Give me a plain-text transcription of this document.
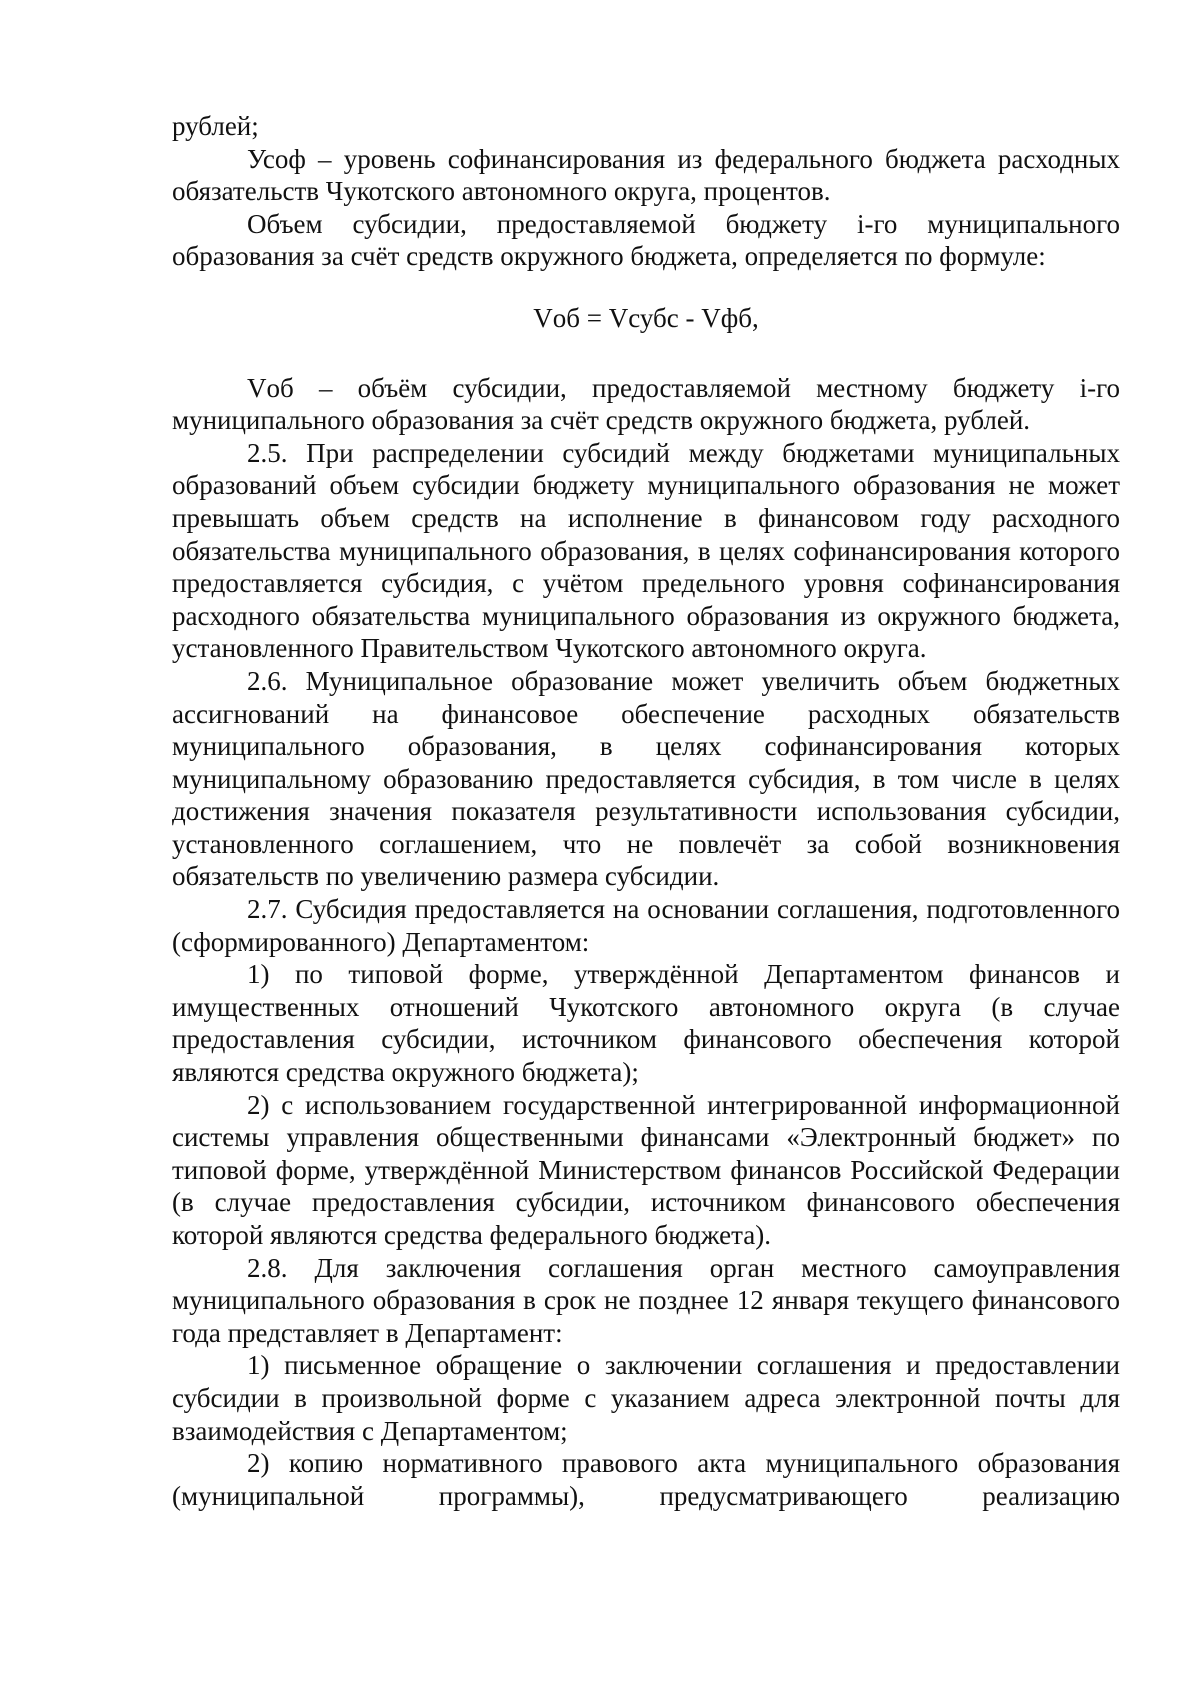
рублей;

Усоф – уровень софинансирования из федерального бюджета расходных обязательств Чукотского автономного округа, процентов.

Объем субсидии, предоставляемой бюджету i-го муниципального образования за счёт средств окружного бюджета, определяется по формуле:

Vоб = Vсубс - Vфб,

Vоб – объём субсидии, предоставляемой местному бюджету i-го муниципального образования за счёт средств окружного бюджета, рублей.

2.5. При распределении субсидий между бюджетами муниципальных образований объем субсидии бюджету муниципального образования не может превышать объем средств на исполнение в финансовом году расходного обязательства муниципального образования, в целях софинансирования которого предоставляется субсидия, с учётом предельного уровня софинансирования расходного обязательства муниципального образования из окружного бюджета, установленного Правительством Чукотского автономного округа.

2.6. Муниципальное образование может увеличить объем бюджетных ассигнований на финансовое обеспечение расходных обязательств муниципального образования, в целях софинансирования которых муниципальному образованию предоставляется субсидия, в том числе в целях достижения значения показателя результативности использования субсидии, установленного соглашением, что не повлечёт за собой возникновения обязательств по увеличению размера субсидии.

2.7. Субсидия предоставляется на основании соглашения, подготовленного (сформированного) Департаментом:

1) по типовой форме, утверждённой Департаментом финансов и имущественных отношений Чукотского автономного округа (в случае предоставления субсидии, источником финансового обеспечения которой являются средства окружного бюджета);

2) с использованием государственной интегрированной информационной системы управления общественными финансами «Электронный бюджет» по типовой форме, утверждённой Министерством финансов Российской Федерации (в случае предоставления субсидии, источником финансового обеспечения которой являются средства федерального бюджета).

2.8. Для заключения соглашения орган местного самоуправления муниципального образования в срок не позднее 12 января текущего финансового года представляет в Департамент:

1) письменное обращение о заключении соглашения и предоставлении субсидии в произвольной форме с указанием адреса электронной почты для взаимодействия с Департаментом;

2) копию нормативного правового акта муниципального образования (муниципальной программы), предусматривающего реализацию
